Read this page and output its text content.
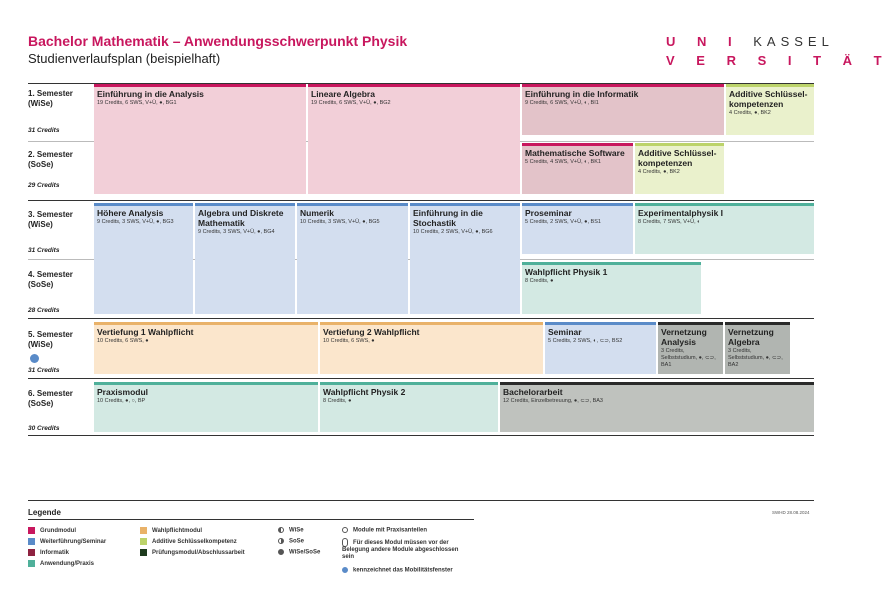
Bachelor Mathematik – Anwendungsschwerpunkt Physik
Studienverlaufsplan (beispielhaft)
U N I KASSEL
V E R S I T Ä T
1. Semester
(WiSe)
31 Credits
2. Semester
(SoSe)
29 Credits
3. Semester
(WiSe)
31 Credits
4. Semester
(SoSe)
28 Credits
5. Semester
(WiSe)
31 Credits
6. Semester
(SoSe)
30 Credits
Einführung in die Analysis
19 Credits, 6 SWS, V+Ü, ●, BG1
Lineare Algebra
19 Credits, 6 SWS, V+Ü, ●, BG2
Einführung in die Informatik
9 Credits, 6 SWS, V+Ü, ◐, BI1
Additive Schlüssel-kompetenzen
4 Credits, ●, BK2
Mathematische Software
5 Credits, 4 SWS, V+Ü, ◐, BK1
Additive Schlüssel-kompetenzen
4 Credits, ●, BK2
Höhere Analysis
9 Credits, 3 SWS, V+Ü, ●, BG3
Algebra und Diskrete Mathematik
9 Credits, 3 SWS, V+Ü, ●, BG4
Numerik
10 Credits, 3 SWS, V+Ü, ●, BG5
Einführung in die Stochastik
10 Credits, 2 SWS, V+Ü, ●, BG6
Proseminar
5 Credits, 2 SWS, V+Ü, ●, BS1
Experimentalphysik I
8 Credits, 7 SWS, V+Ü, ◐
Wahlpflicht Physik 1
8 Credits, ●
Vertiefung 1 Wahlpflicht
10 Credits, 6 SWS, ●
Vertiefung 2 Wahlpflicht
10 Credits, 6 SWS, ●
Seminar
5 Credits, 2 SWS, ◐, ⊂⊃, BS2
Vernetzung Analysis
3 Credits, Selbststudium, ●, ⊂⊃, BA1
Vernetzung Algebra
3 Credits, Selbststudium, ●, ⊂⊃, BA2
Praxismodul
10 Credits, ●, ○, BP
Wahlpflicht Physik 2
8 Credits, ●
Bachelorarbeit
12 Credits, Einzelbetreuung, ●, ⊂⊃, BA3
Legende	SWHD 28.08.2024
Grundmodul
Weiterführung/Seminar
Informatik
Anwendung/Praxis
Wahlpflichtmodul
Additive Schlüsselkompetenz
Prüfungsmodul/Abschlussarbeit
WiSe
SoSe
WiSe/SoSe
Module mit Praxisanteilen
Für dieses Modul müssen vor der Belegung andere Module abgeschlossen sein
kennzeichnet das Mobilitätsfenster
